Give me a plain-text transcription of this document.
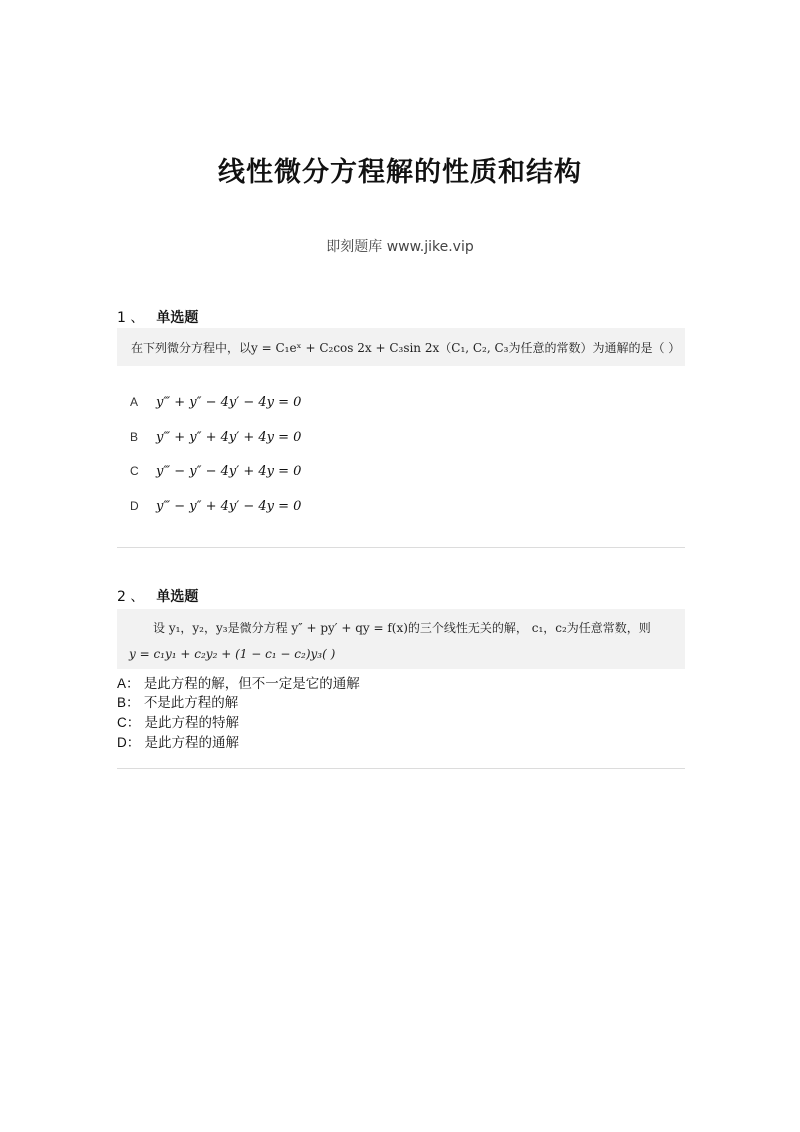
线性微分方程解的性质和结构
即刻题库 www.jike.vip
1 、 单选题
在下列微分方程中，以y = C₁eˣ + C₂cos 2x + C₃sin 2x（C₁, C₂, C₃为任意的常数）为通解的是（ ）
A y‴ + y″ − 4y′ − 4y = 0
B y‴ + y″ + 4y′ + 4y = 0
C y‴ − y″ − 4y′ + 4y = 0
D y‴ − y″ + 4y′ − 4y = 0
2 、 单选题
设 y₁，y₂，y₃是微分方程 y″ + py′ + qy = f(x)的三个线性无关的解， c₁，c₂为任意常数，则
y = c₁y₁ + c₂y₂ + (1 − c₁ − c₂)y₃( )
A： 是此方程的解，但不一定是它的通解
B： 不是此方程的解
C： 是此方程的特解
D： 是此方程的通解
